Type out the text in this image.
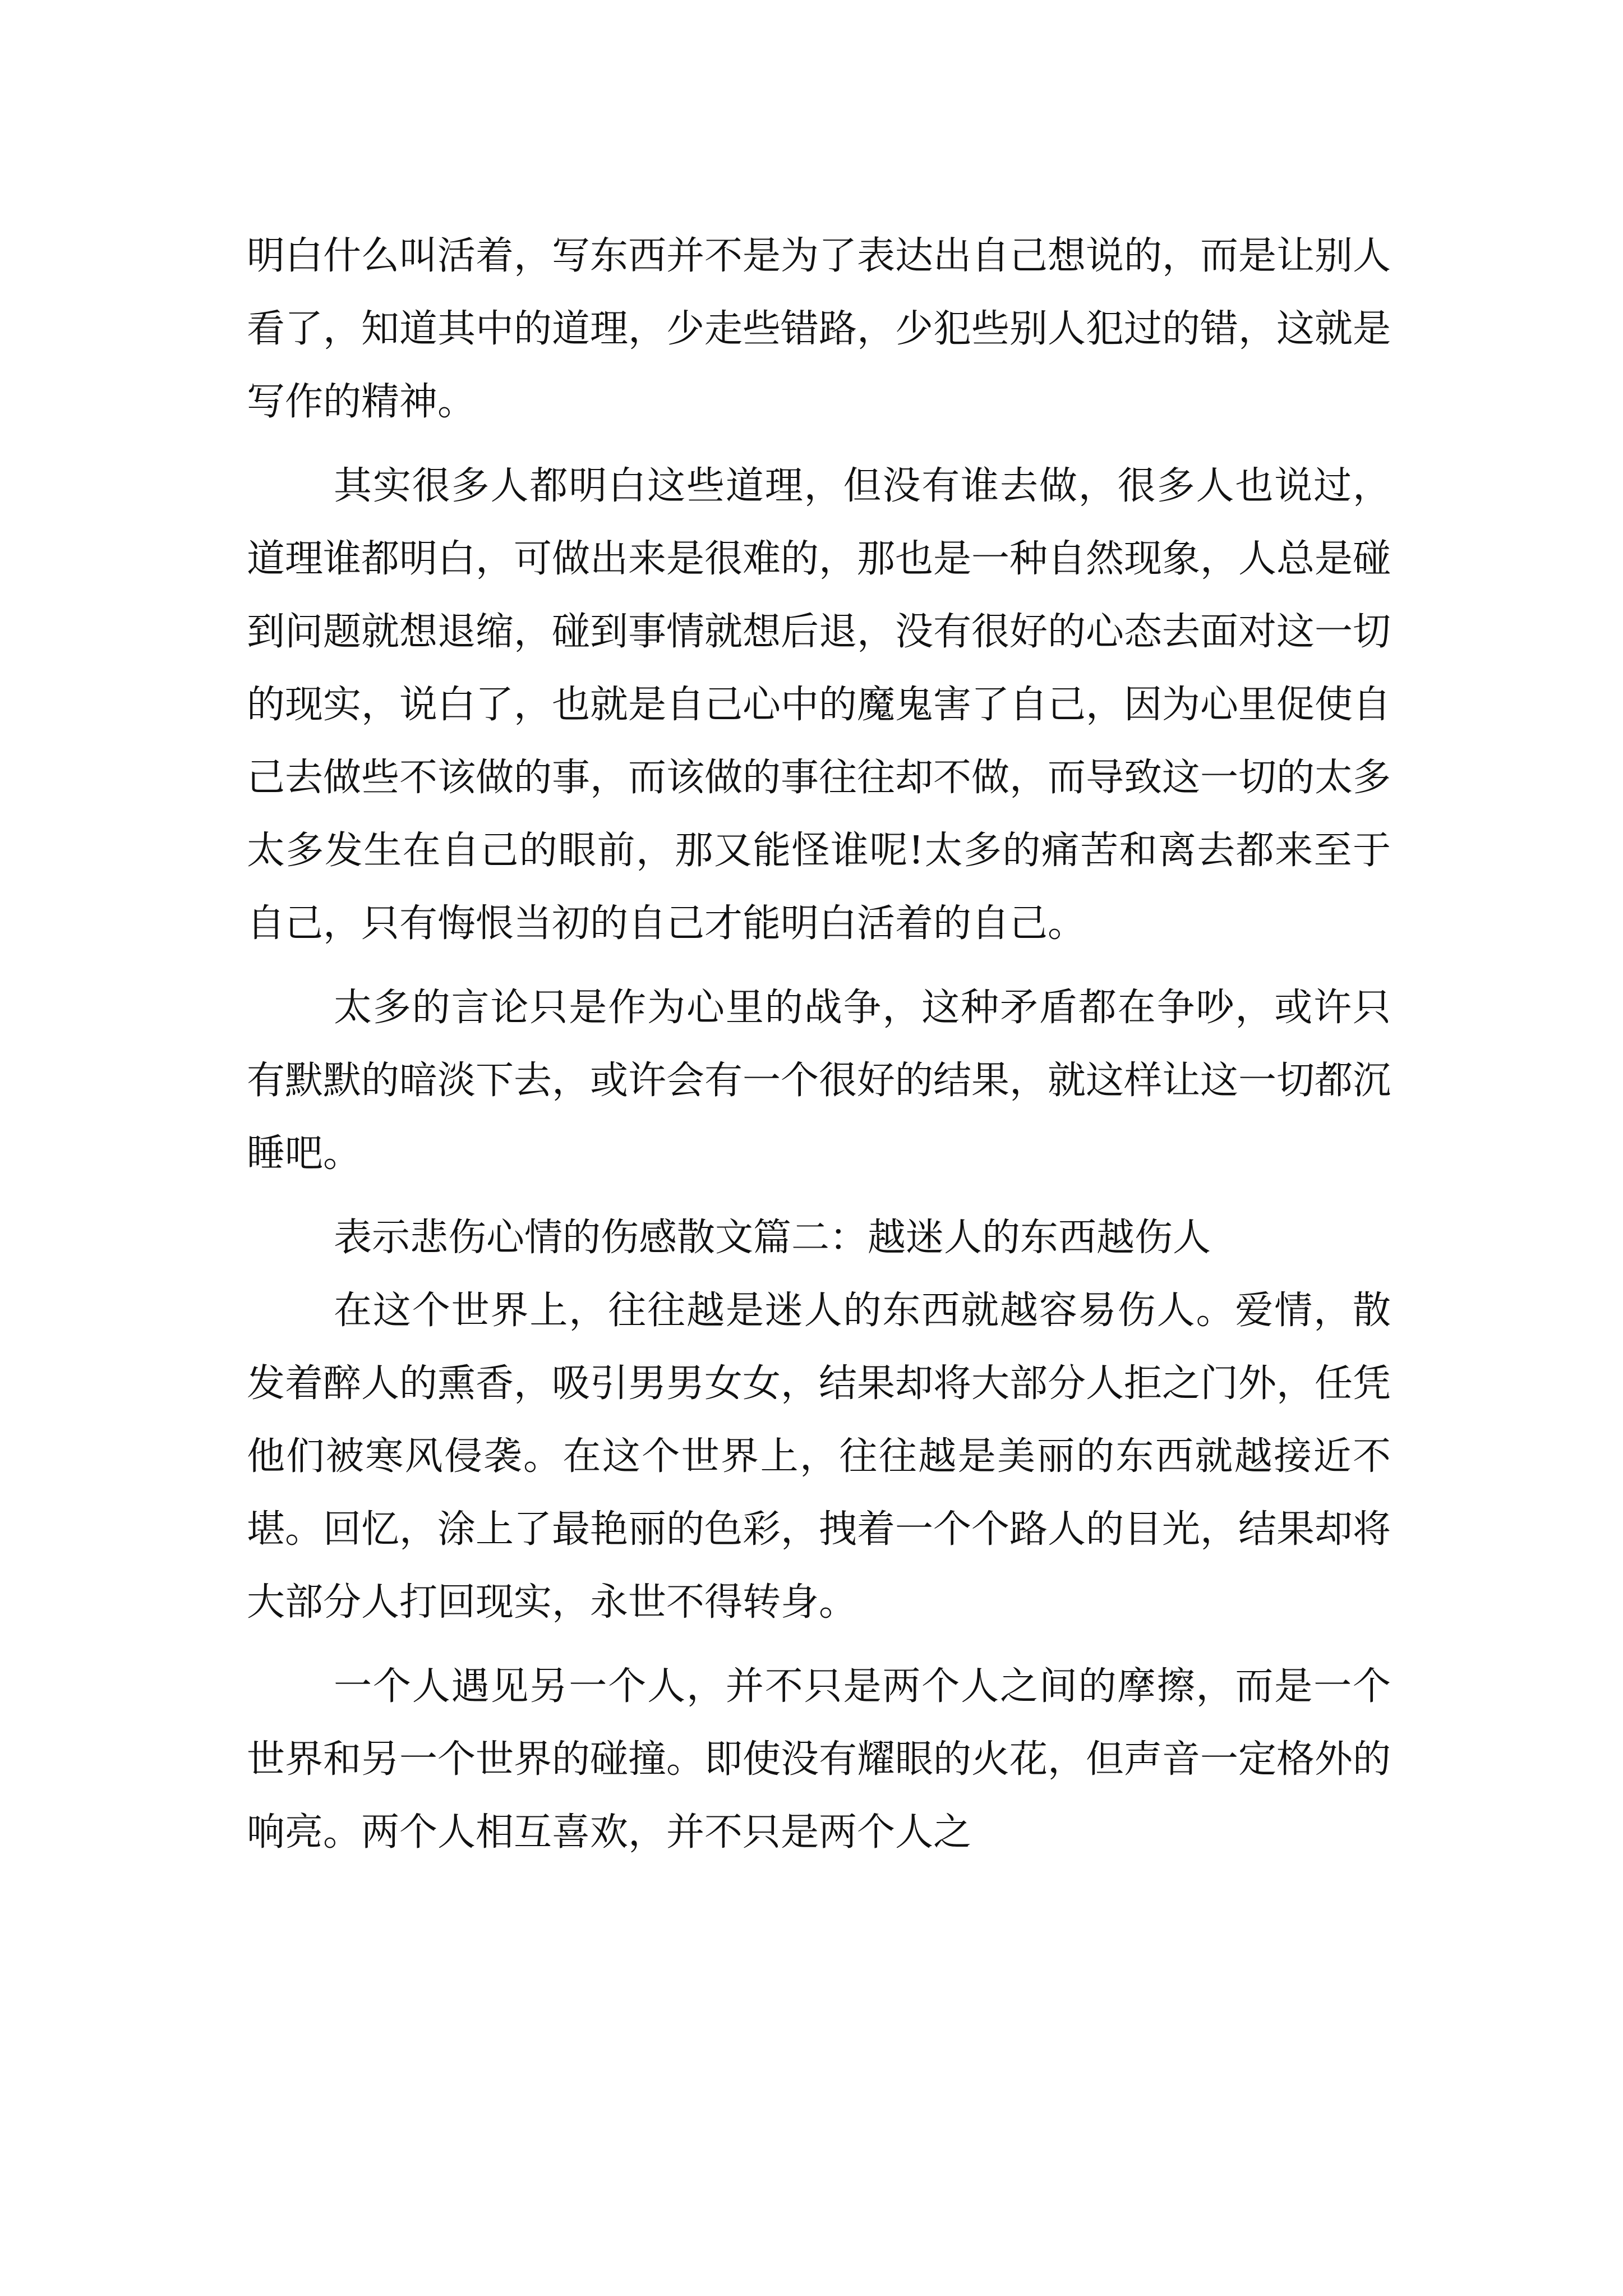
明白什么叫活着，写东西并不是为了表达出自己想说的，而是让别人看了，知道其中的道理，少走些错路，少犯些别人犯过的错，这就是写作的精神。

其实很多人都明白这些道理，但没有谁去做，很多人也说过，道理谁都明白，可做出来是很难的，那也是一种自然现象，人总是碰到问题就想退缩，碰到事情就想后退，没有很好的心态去面对这一切的现实，说白了，也就是自己心中的魔鬼害了自己，因为心里促使自己去做些不该做的事，而该做的事往往却不做，而导致这一切的太多太多发生在自己的眼前，那又能怪谁呢!太多的痛苦和离去都来至于自己，只有悔恨当初的自己才能明白活着的自己。

太多的言论只是作为心里的战争，这种矛盾都在争吵，或许只有默默的暗淡下去，或许会有一个很好的结果，就这样让这一切都沉睡吧。

表示悲伤心情的伤感散文篇二：越迷人的东西越伤人

在这个世界上，往往越是迷人的东西就越容易伤人。爱情，散发着醉人的熏香，吸引男男女女，结果却将大部分人拒之门外，任凭他们被寒风侵袭。在这个世界上，往往越是美丽的东西就越接近不堪。回忆，涂上了最艳丽的色彩，拽着一个个路人的目光，结果却将大部分人打回现实，永世不得转身。

一个人遇见另一个人，并不只是两个人之间的摩擦，而是一个世界和另一个世界的碰撞。即使没有耀眼的火花，但声音一定格外的响亮。两个人相互喜欢，并不只是两个人之
